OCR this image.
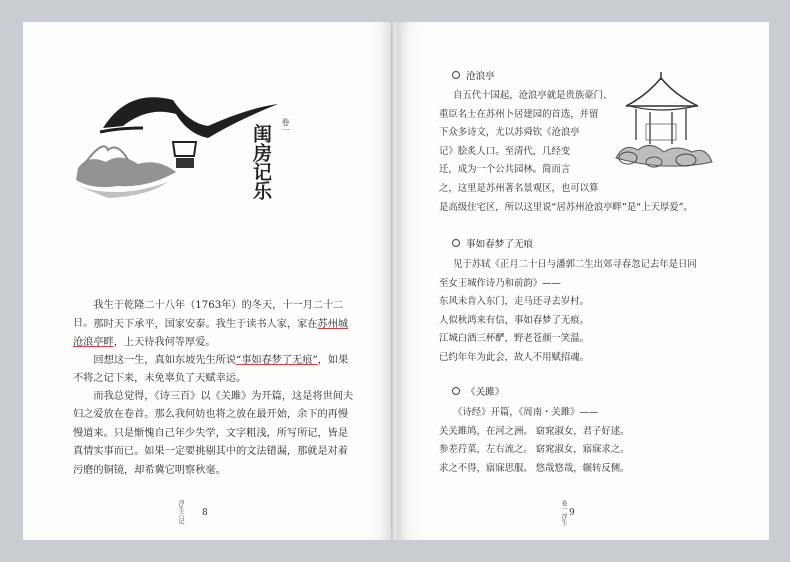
卷一
闺房记乐

我生于乾隆二十八年（1763年）的冬天，十一月二十二日。 那时天下承平，国家安泰。我生于读书人家，家在苏州城沧浪亭畔，上天待我何等厚爱。

回想这一生，真如东坡先生所说“事如春梦了无痕”，如果不将之记下来，未免辜负了天赋幸运。

而我总觉得，《诗三百》以《关雎》为开篇，这是将世间夫妇之爱放在卷首。那么我何妨也将之放在最开始，余下的再慢慢道来。只是惭愧自己年少失学，文字粗浅，所写所记，皆是真情实事而已。如果一定要挑剔其中的文法错漏，那就是对着污磨的铜镜，却希冀它明察秋毫。

浮生六记 8
沧浪亭
自五代十国起，沧浪亭就是贵族豪门、
重臣名士在苏州卜居建园的首选，并留
下众多诗文，尤以苏舜钦《沧浪亭
记》脍炙人口。至清代，几经变
迁，成为一个公共园林。简而言
之，这里是苏州著名景观区，也可以算
是高级住宅区，所以这里说“居苏州沧浪亭畔”是“上天厚爱”。
事如春梦了无痕
见于苏轼《正月二十日与潘郭二生出郊寻春忽记去年是日同
至女王城作诗乃和前韵》——
东风未肯入东门，走马还寻去岁村。
人似秋鸿来有信，事如春梦了无痕。
江城白酒三杯酽，野老苍颜一笑温。
已约年年为此会，故人不用赋招魂。
《关雎》
《诗经》开篇，《周南・关雎》——
关关雎鸠，在河之洲。 窈窕淑女，君子好逑。
参差荇菜，左右流之。 窈窕淑女，寤寐求之。
求之不得，寤寐思服。 悠哉悠哉，辗转反侧。
卷一 浮生 9
